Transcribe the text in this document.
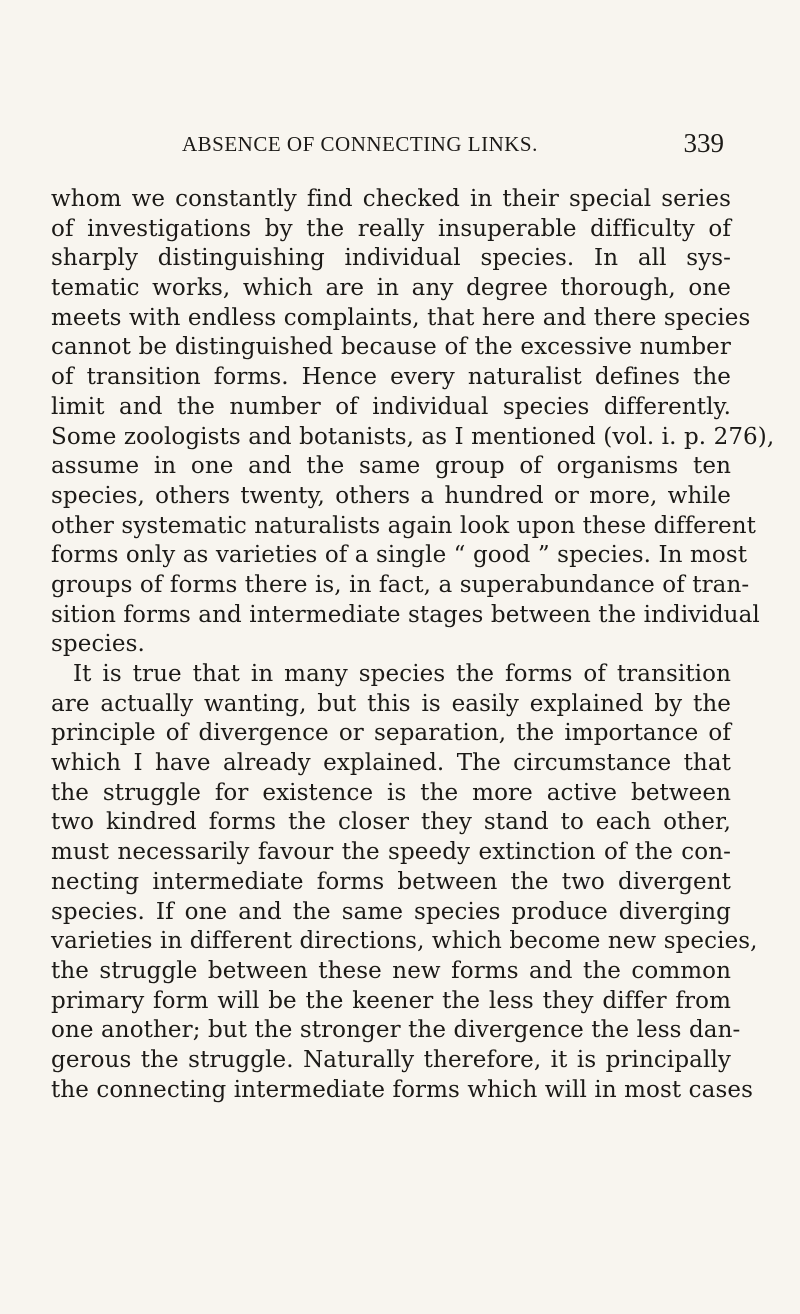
ABSENCE OF CONNECTING LINKS.	339
whom we constantly find checked in their special series
of investigations by the really insuperable difficulty of
sharply distinguishing individual species. In all sys-
tematic works, which are in any degree thorough, one
meets with endless complaints, that here and there species
cannot be distinguished because of the excessive number
of transition forms. Hence every naturalist defines the
limit and the number of individual species differently.
Some zoologists and botanists, as I mentioned (vol. i. p. 276),
assume in one and the same group of organisms ten
species, others twenty, others a hundred or more, while
other systematic naturalists again look upon these different
forms only as varieties of a single “ good ” species. In most
groups of forms there is, in fact, a superabundance of tran-
sition forms and intermediate stages between the individual
species.
It is true that in many species the forms of transition
are actually wanting, but this is easily explained by the
principle of divergence or separation, the importance of
which I have already explained. The circumstance that
the struggle for existence is the more active between
two kindred forms the closer they stand to each other,
must necessarily favour the speedy extinction of the con-
necting intermediate forms between the two divergent
species. If one and the same species produce diverging
varieties in different directions, which become new species,
the struggle between these new forms and the common
primary form will be the keener the less they differ from
one another; but the stronger the divergence the less dan-
gerous the struggle. Naturally therefore, it is principally
the connecting intermediate forms which will in most cases
